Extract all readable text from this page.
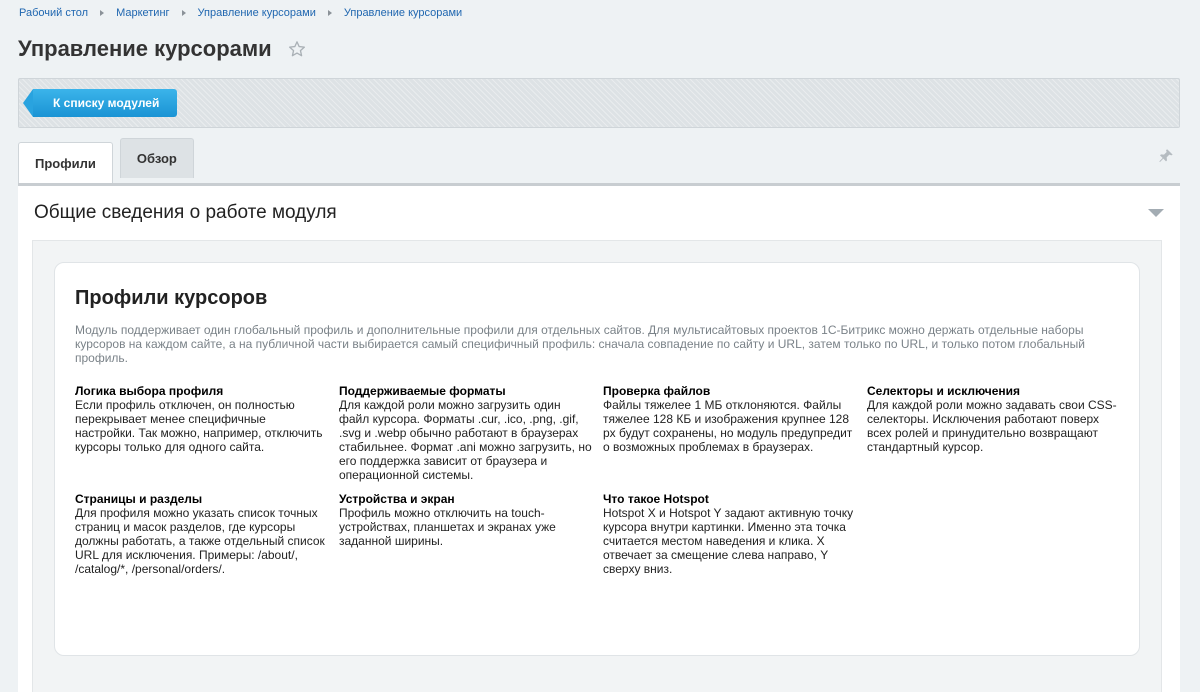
Рабочий стол	Маркетинг	Управление курсорами	Управление курсорами
Управление курсорами
К списку модулей
Профили	Обзор
Общие сведения о работе модуля
Профили курсоров

Модуль поддерживает один глобальный профиль и дополнительные профили для отдельных сайтов. Для мультисайтовых проектов 1С-Битрикс можно держать отдельные наборы курсоров на каждом сайте, а на публичной части выбирается самый специфичный профиль: сначала совпадение по сайту и URL, затем только по URL, и только потом глобальный профиль.

Логика выбора профиля
Если профиль отключен, он полностью перекрывает менее специфичные настройки. Так можно, например, отключить курсоры только для одного сайта.
Поддерживаемые форматы
Для каждой роли можно загрузить один файл курсора. Форматы .cur, .ico, .png, .gif, .svg и .webp обычно работают в браузерах стабильнее. Формат .ani можно загрузить, но его поддержка зависит от браузера и операционной системы.
Проверка файлов
Файлы тяжелее 1 МБ отклоняются. Файлы тяжелее 128 КБ и изображения крупнее 128 px будут сохранены, но модуль предупредит о возможных проблемах в браузерах.
Селекторы и исключения
Для каждой роли можно задавать свои CSS-селекторы. Исключения работают поверх всех ролей и принудительно возвращают стандартный курсор.
Страницы и разделы
Для профиля можно указать список точных страниц и масок разделов, где курсоры должны работать, а также отдельный список URL для исключения. Примеры: /about/, /catalog/*, /personal/orders/.
Устройства и экран
Профиль можно отключить на touch-устройствах, планшетах и экранах уже заданной ширины.
Что такое Hotspot
Hotspot X и Hotspot Y задают активную точку курсора внутри картинки. Именно эта точка считается местом наведения и клика. X отвечает за смещение слева направо, Y сверху вниз.
